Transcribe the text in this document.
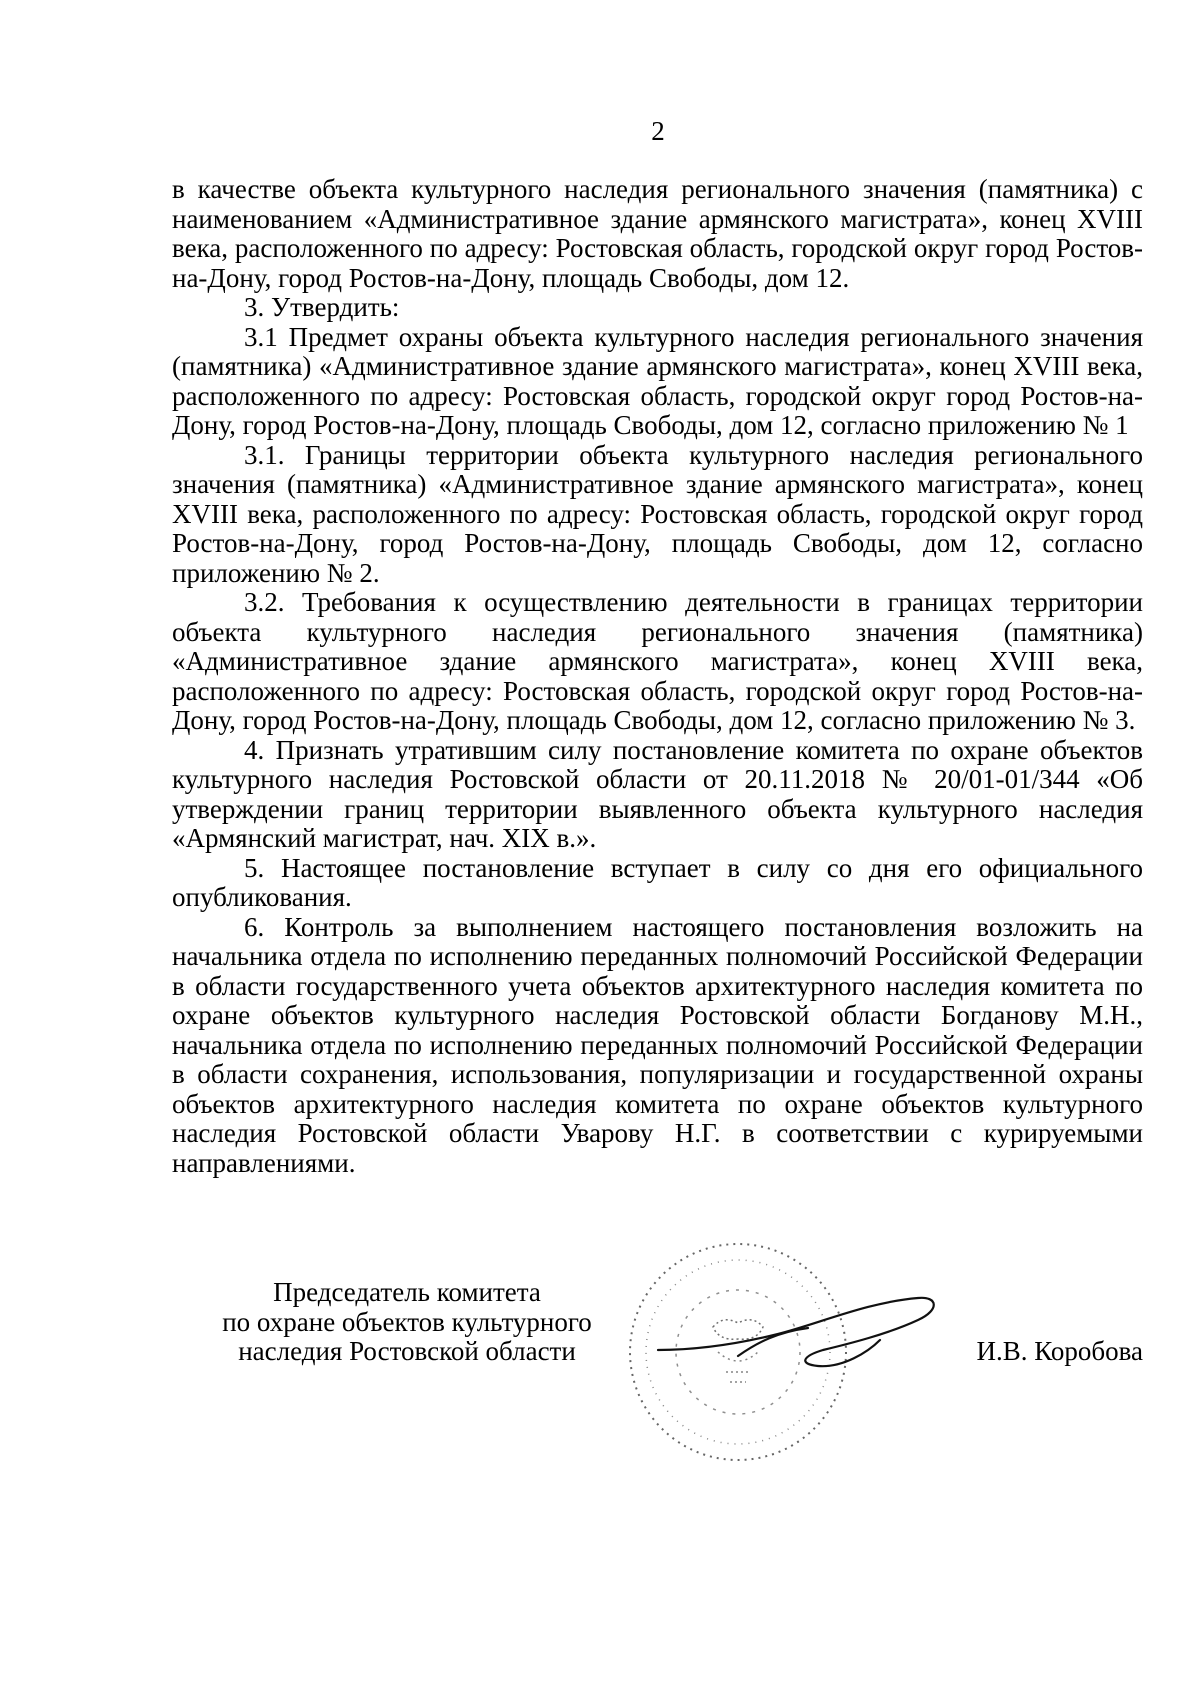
2

в качестве объекта культурного наследия регионального значения (памятника) с наименованием «Административное здание армянского магистрата», конец XVIII века, расположенного по адресу: Ростовская область, городской округ город Ростов-на-Дону, город Ростов-на-Дону, площадь Свободы, дом 12.

3. Утвердить:

3.1 Предмет охраны объекта культурного наследия регионального значения (памятника) «Административное здание армянского магистрата», конец XVIII века, расположенного по адресу: Ростовская область, городской округ город Ростов-на-Дону, город Ростов-на-Дону, площадь Свободы, дом 12, согласно приложению № 1

3.1. Границы территории объекта культурного наследия регионального значения (памятника) «Административное здание армянского магистрата», конец XVIII века, расположенного по адресу: Ростовская область, городской округ город Ростов-на-Дону, город Ростов-на-Дону, площадь Свободы, дом 12, согласно приложению № 2.

3.2. Требования к осуществлению деятельности в границах территории объекта культурного наследия регионального значения (памятника) «Административное здание армянского магистрата», конец XVIII века, расположенного по адресу: Ростовская область, городской округ город Ростов-на-Дону, город Ростов-на-Дону, площадь Свободы, дом 12, согласно приложению № 3.

4. Признать утратившим силу постановление комитета по охране объектов культурного наследия Ростовской области от 20.11.2018 № 20/01-01/344 «Об утверждении границ территории выявленного объекта культурного наследия «Армянский магистрат, нач. XIX в.».

5. Настоящее постановление вступает в силу со дня его официального опубликования.

6. Контроль за выполнением настоящего постановления возложить на начальника отдела по исполнению переданных полномочий Российской Федерации в области государственного учета объектов архитектурного наследия комитета по охране объектов культурного наследия Ростовской области Богданову М.Н., начальника отдела по исполнению переданных полномочий Российской Федерации в области сохранения, использования, популяризации и государственной охраны объектов архитектурного наследия комитета по охране объектов культурного наследия Ростовской области Уварову Н.Г. в соответствии с курируемыми направлениями.

Председатель комитета
по охране объектов культурного
наследия Ростовской области	И.В. Коробова
